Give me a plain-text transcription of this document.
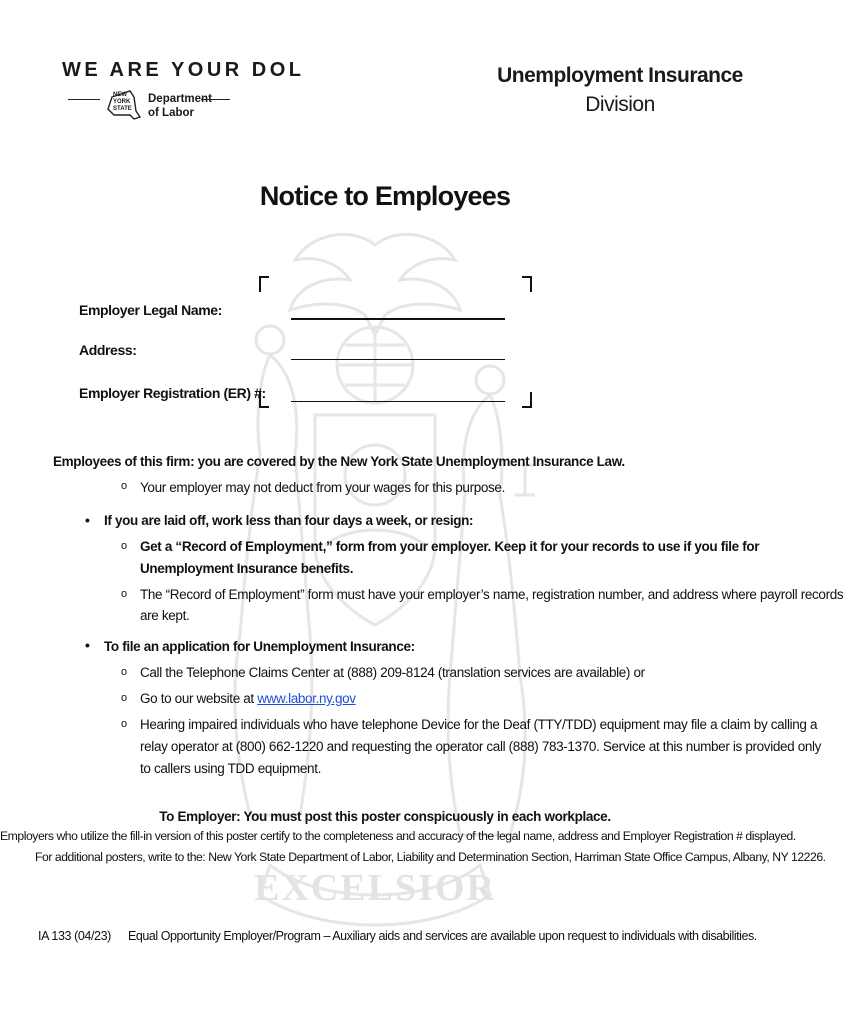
EXCELSIOR
WE ARE YOUR DOL
NEW
YORK
STATE
Department
of Labor
Unemployment Insurance
Division
Notice to Employees
Employer Legal Name:
Address:
Employer Registration (ER) #:
Employees of this firm: you are covered by the New York State Unemployment Insurance Law.
o Your employer may not deduct from your wages for this purpose.
• If you are laid off, work less than four days a week, or resign:
o Get a “Record of Employment,” form from your employer. Keep it for your records to use if you file for
Unemployment Insurance benefits.
o The “Record of Employment” form must have your employer’s name, registration number, and address where payroll records
are kept.
• To file an application for Unemployment Insurance:
o Call the Telephone Claims Center at (888) 209-8124 (translation services are available) or
o Go to our website at www.labor.ny.gov
o Hearing impaired individuals who have telephone Device for the Deaf (TTY/TDD) equipment may file a claim by calling a
relay operator at (800) 662-1220 and requesting the operator call (888) 783-1370. Service at this number is provided only
to callers using TDD equipment.
To Employer: You must post this poster conspicuously in each workplace.
Employers who utilize the fill-in version of this poster certify to the completeness and accuracy of the legal name, address and Employer Registration # displayed.
For additional posters, write to the: New York State Department of Labor, Liability and Determination Section, Harriman State Office Campus, Albany, NY 12226.
IA 133 (04/23) Equal Opportunity Employer/Program – Auxiliary aids and services are available upon request to individuals with disabilities.
